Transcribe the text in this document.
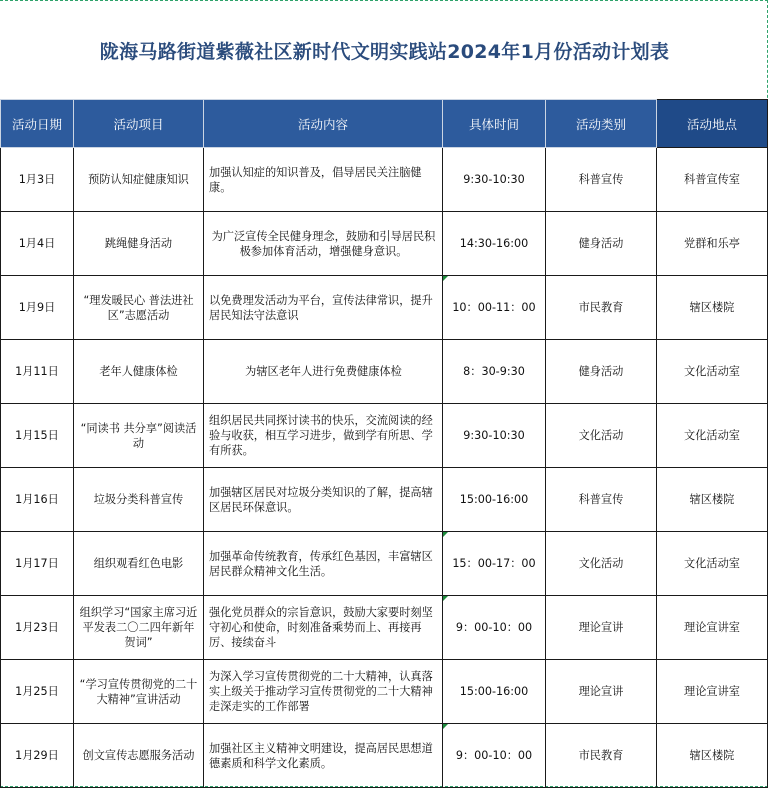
陇海马路街道紫薇社区新时代文明实践站2024年1月份活动计划表
活动日期	活动项目	活动内容	具体时间	活动类别	活动地点
1月3日	预防认知症健康知识	加强认知症的知识普及，倡导居民关注脑健康。	9:30-10:30	科普宣传	科普宣传室
1月4日	跳绳健身活动	为广泛宣传全民健身理念，鼓励和引导居民积极参加体育活动，增强健身意识。	14:30-16:00	健身活动	党群和乐亭
1月9日	“理发暖民心 普法进社区”志愿活动	以免费理发活动为平台，宣传法律常识，提升居民知法守法意识	10：00-11：00	市民教育	辖区楼院
1月11日	老年人健康体检	为辖区老年人进行免费健康体检	8：30-9:30	健身活动	文化活动室
1月15日	“同读书 共分享”阅读活动	组织居民共同探讨读书的快乐，交流阅读的经验与收获，相互学习进步，做到学有所思、学有所获。	9:30-10:30	文化活动	文化活动室
1月16日	垃圾分类科普宣传	加强辖区居民对垃圾分类知识的了解，提高辖区居民环保意识。	15:00-16:00	科普宣传	辖区楼院
1月17日	组织观看红色电影	加强革命传统教育，传承红色基因，丰富辖区居民群众精神文化生活。	15：00-17：00	文化活动	文化活动室
1月23日	组织学习“国家主席习近平发表二〇二四年新年贺词”	强化党员群众的宗旨意识，鼓励大家要时刻坚守初心和使命，时刻准备乘势而上、再接再厉、接续奋斗	9：00-10：00	理论宣讲	理论宣讲室
1月25日	“学习宣传贯彻党的二十大精神”宣讲活动	为深入学习宣传贯彻党的二十大精神，认真落实上级关于推动学习宣传贯彻党的二十大精神走深走实的工作部署	15:00-16:00	理论宣讲	理论宣讲室
1月29日	创文宣传志愿服务活动	加强社区主义精神文明建设，提高居民思想道德素质和科学文化素质。	9：00-10：00	市民教育	辖区楼院
